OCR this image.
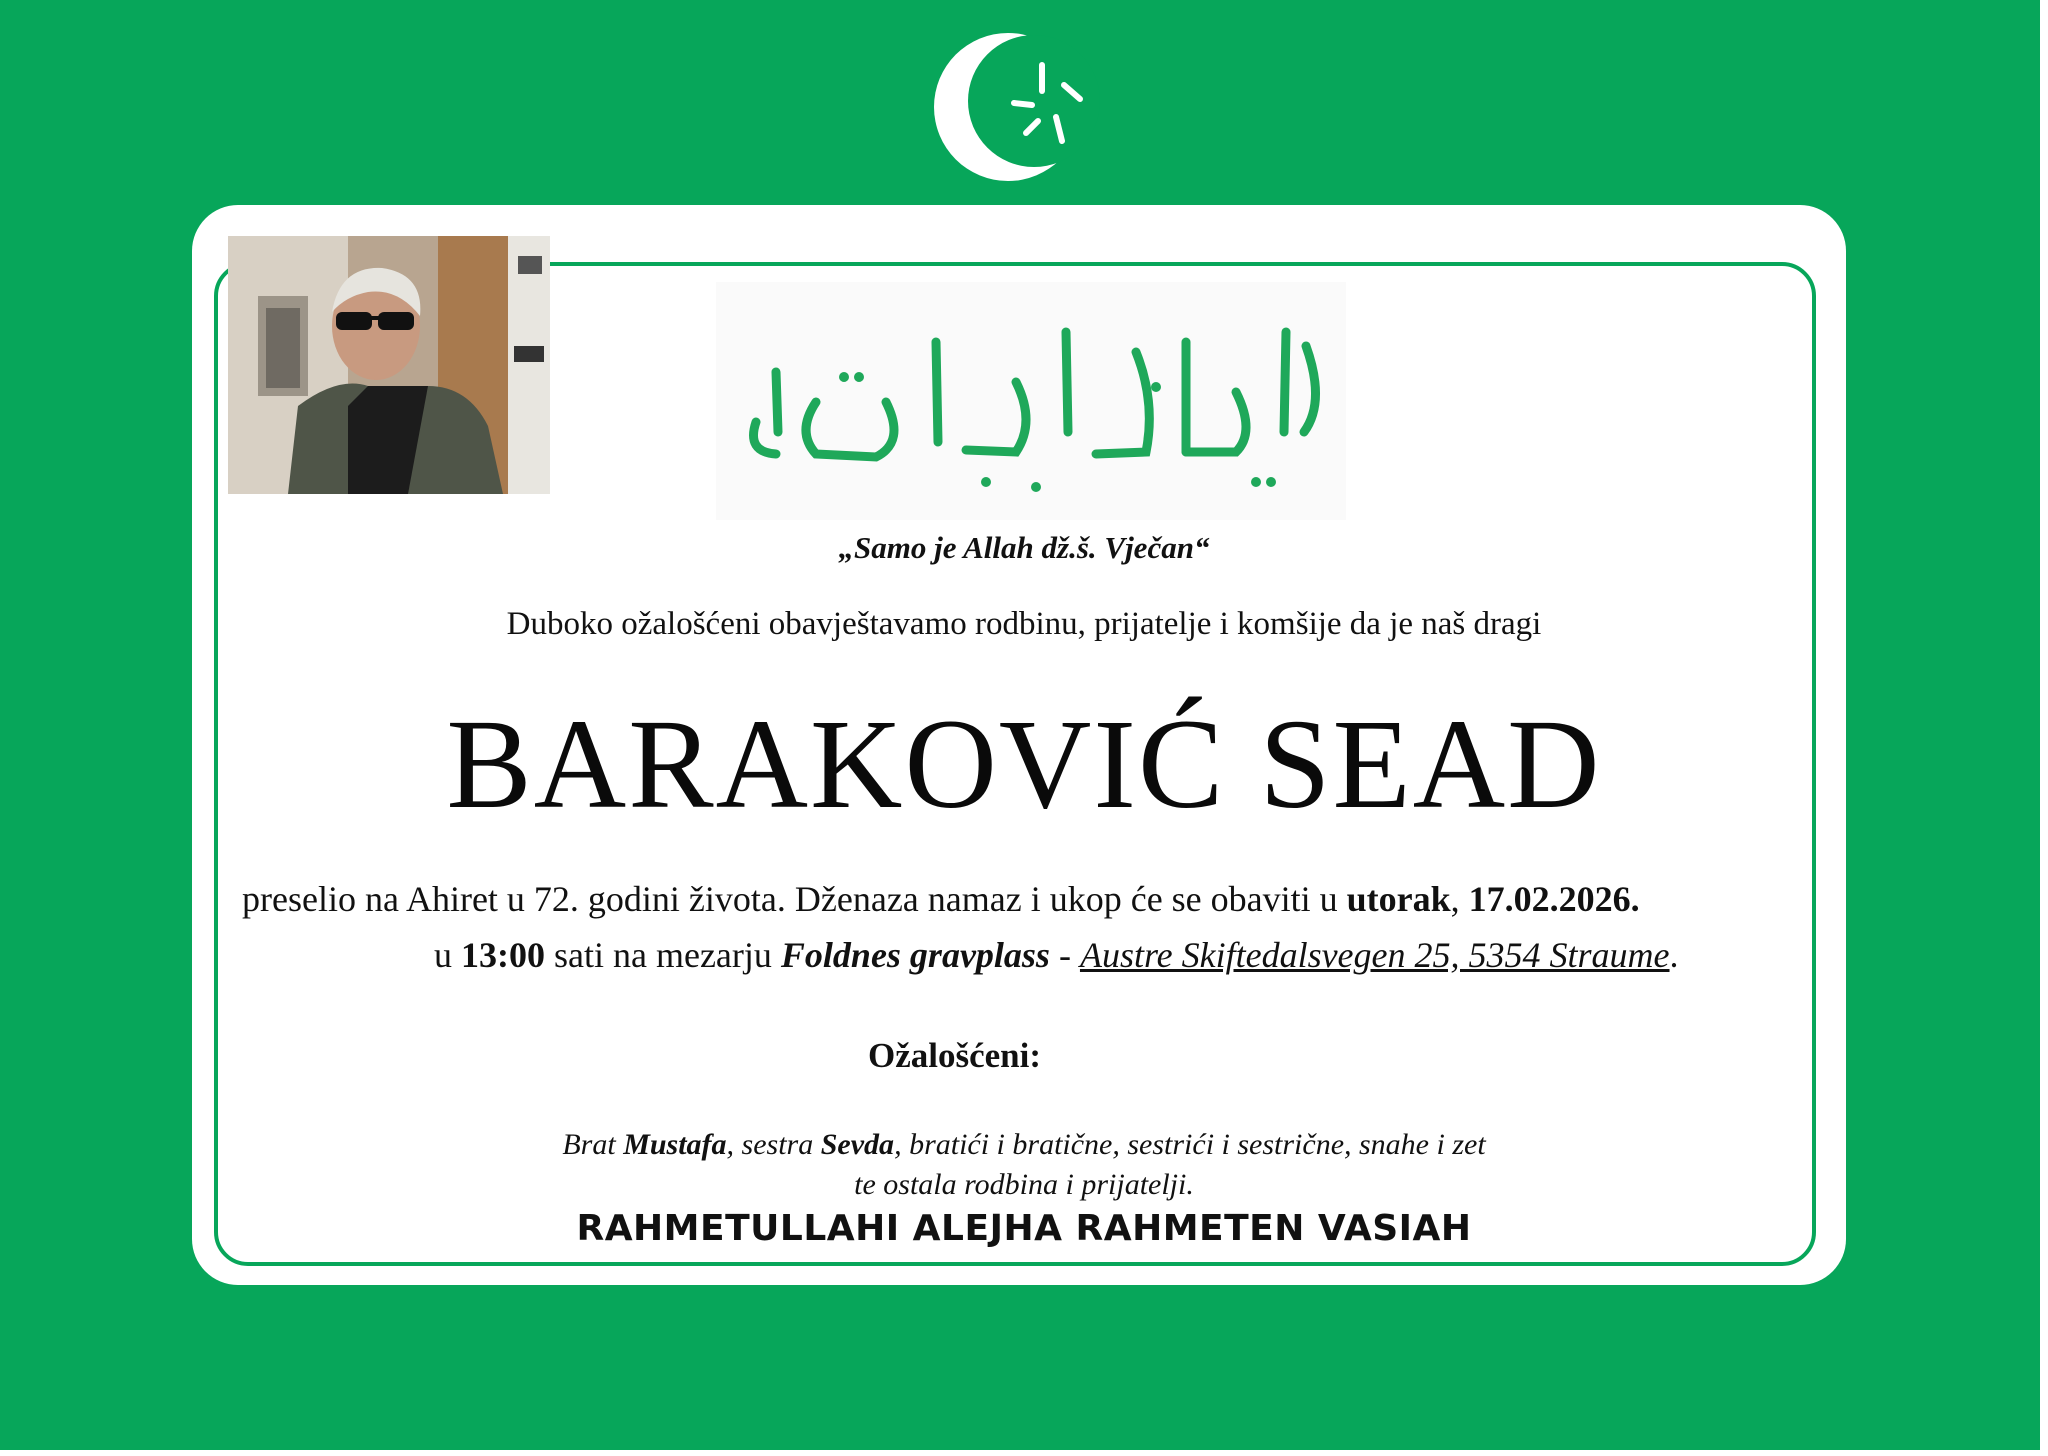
„Samo je Allah dž.š. Vječan“
Duboko ožalošćeni obavještavamo rodbinu, prijatelje i komšije da je naš dragi
BARAKOVIĆ SEAD
preselio na Ahiret u 72. godini života. Dženaza namaz i ukop će se obaviti u utorak, 17.02.2026.
u 13:00 sati na mezarju Foldnes gravplass - Austre Skiftedalsvegen 25, 5354 Straume.
Ožalošćeni:
Brat Mustafa, sestra Sevda, bratići i bratične, sestrići i sestrične, snahe i zet
te ostala rodbina i prijatelji.
RAHMETULLAHI ALEJHA RAHMETEN VASIAH
